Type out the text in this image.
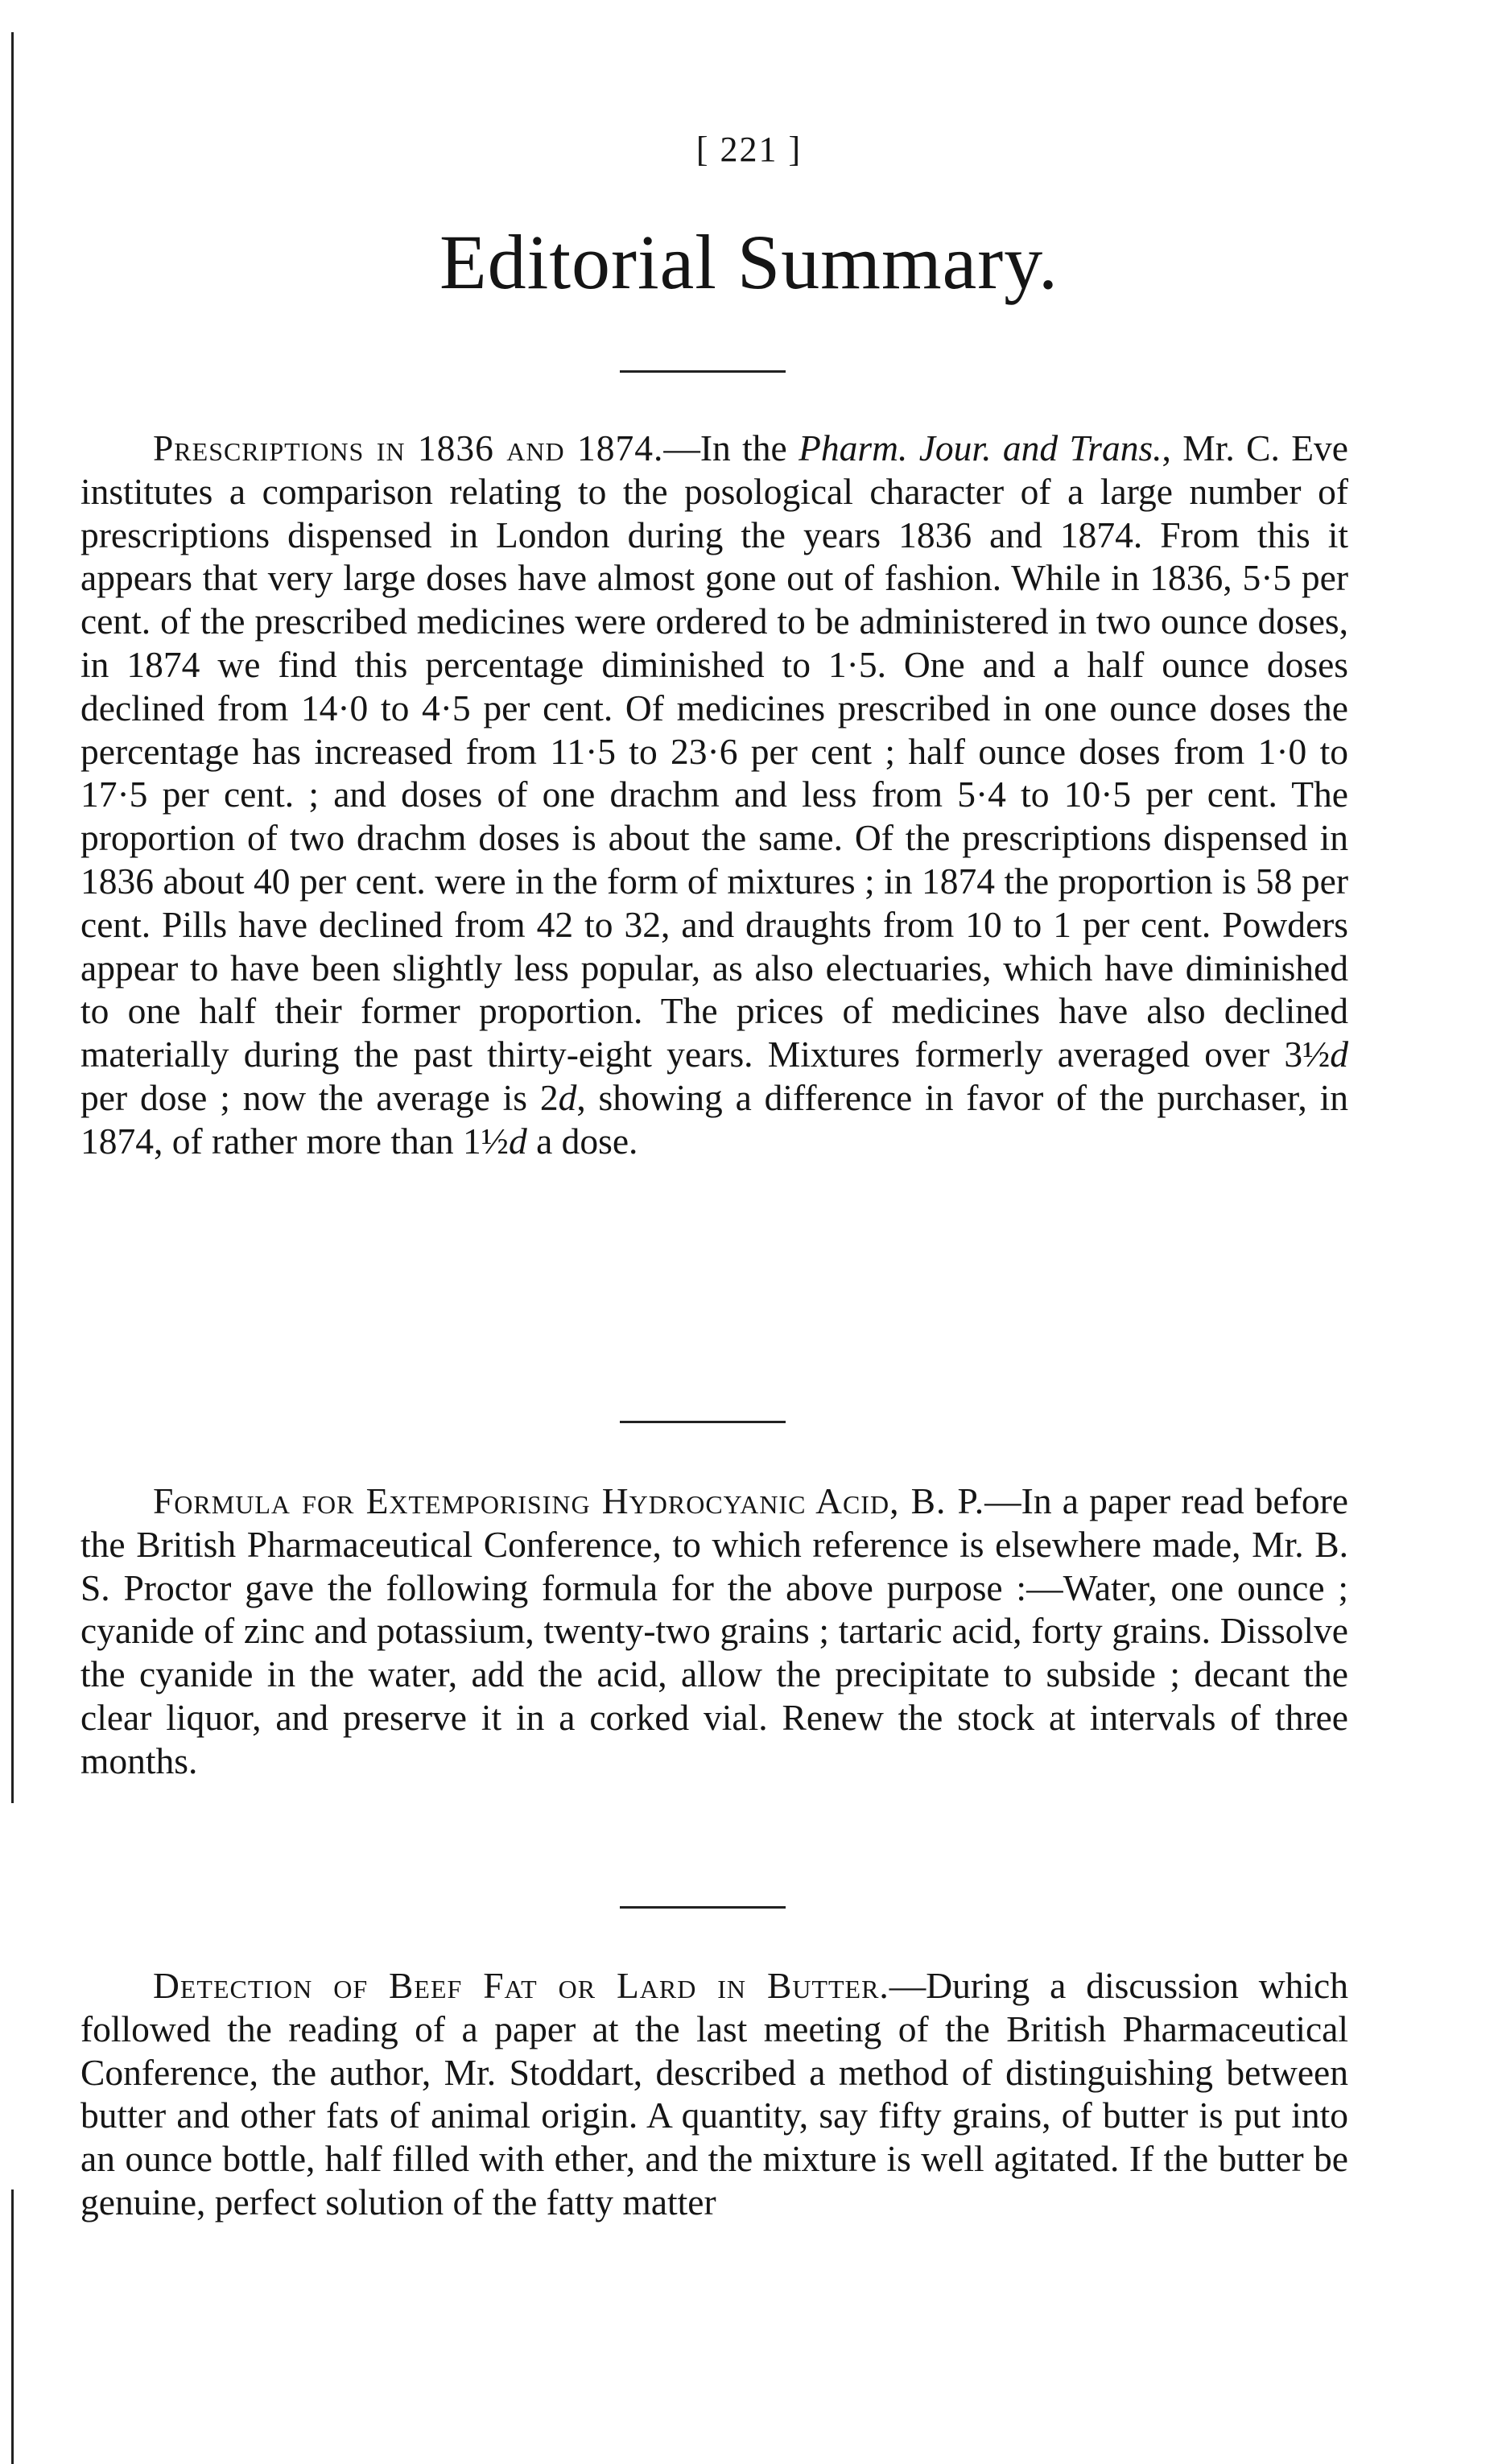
[ 221 ]
Editorial Summary.

Prescriptions in 1836 and 1874.—In the Pharm. Jour. and Trans., Mr. C. Eve institutes a comparison relating to the posological character of a large number of prescriptions dispensed in London during the years 1836 and 1874. From this it appears that very large doses have almost gone out of fashion. While in 1836, 5·5 per cent. of the prescribed medicines were ordered to be administered in two ounce doses, in 1874 we find this percentage diminished to 1·5. One and a half ounce doses declined from 14·0 to 4·5 per cent. Of medicines prescribed in one ounce doses the percentage has increased from 11·5 to 23·6 per cent ; half ounce doses from 1·0 to 17·5 per cent. ; and doses of one drachm and less from 5·4 to 10·5 per cent. The proportion of two drachm doses is about the same. Of the prescriptions dispensed in 1836 about 40 per cent. were in the form of mixtures ; in 1874 the proportion is 58 per cent. Pills have declined from 42 to 32, and draughts from 10 to 1 per cent. Powders appear to have been slightly less popular, as also electuaries, which have diminished to one half their former proportion. The prices of medicines have also declined materially during the past thirty-eight years. Mixtures formerly averaged over 3½d per dose ; now the average is 2d, showing a difference in favor of the purchaser, in 1874, of rather more than 1½d a dose.

Formula for Extemporising Hydrocyanic Acid, B. P.—In a paper read before the British Pharmaceutical Conference, to which reference is elsewhere made, Mr. B. S. Proctor gave the following formula for the above purpose :—Water, one ounce ; cyanide of zinc and potassium, twenty-two grains ; tartaric acid, forty grains. Dissolve the cyanide in the water, add the acid, allow the precipitate to subside ; decant the clear liquor, and preserve it in a corked vial. Renew the stock at intervals of three months.

Detection of Beef Fat or Lard in Butter.—During a discussion which followed the reading of a paper at the last meeting of the British Pharmaceutical Conference, the author, Mr. Stoddart, described a method of distinguishing between butter and other fats of animal origin. A quantity, say fifty grains, of butter is put into an ounce bottle, half filled with ether, and the mixture is well agitated. If the butter be genuine, perfect solution of the fatty matter
